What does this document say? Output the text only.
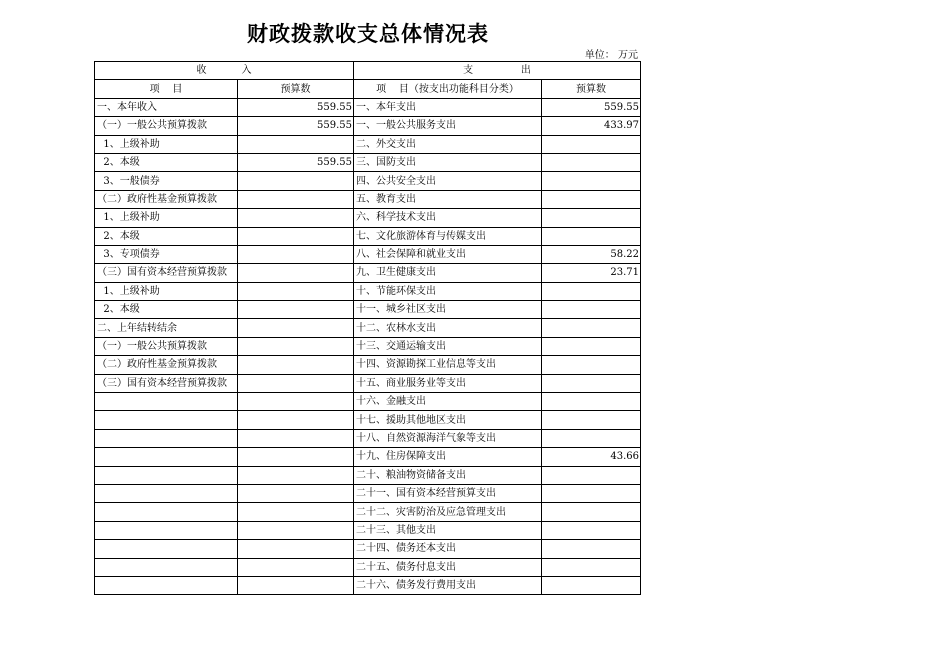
财政拨款收支总体情况表
单位： 万元
收           入		支               出	
项    目	预算数	项    目（按支出功能科目分类）	预算数
一、本年收入	559.55	一、本年支出	559.55
（一）一般公共预算拨款	559.55	一、一般公共服务支出	433.97
1、上级补助		二、外交支出	
2、本级	559.55	三、国防支出	
3、一般债券		四、公共安全支出	
（二）政府性基金预算拨款		五、教育支出	
1、上级补助		六、科学技术支出	
2、本级		七、文化旅游体育与传媒支出	
3、专项债券		八、社会保障和就业支出	58.22
（三）国有资本经营预算拨款		九、卫生健康支出	23.71
1、上级补助		十、节能环保支出	
2、本级		十一、城乡社区支出	
二、上年结转结余		十二、农林水支出	
（一）一般公共预算拨款		十三、交通运输支出	
（二）政府性基金预算拨款		十四、资源勘探工业信息等支出	
（三）国有资本经营预算拨款		十五、商业服务业等支出	
		十六、金融支出	
		十七、援助其他地区支出	
		十八、自然资源海洋气象等支出	
		十九、住房保障支出	43.66
		二十、粮油物资储备支出	
		二十一、国有资本经营预算支出	
		二十二、灾害防治及应急管理支出	
		二十三、其他支出	
		二十四、债务还本支出	
		二十五、债务付息支出	
		二十六、债务发行费用支出	
